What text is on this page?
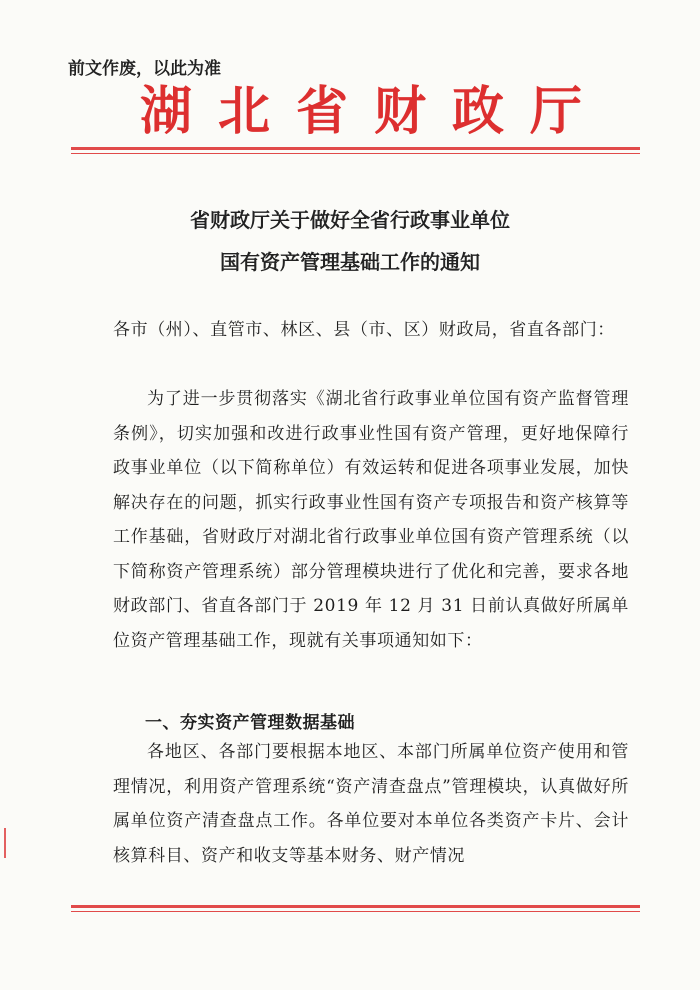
前文作废，以此为准
湖北省财政厅
省财政厅关于做好全省行政事业单位
国有资产管理基础工作的通知
各市（州）、直管市、林区、县（市、区）财政局，省直各部门：
为了进一步贯彻落实《湖北省行政事业单位国有资产监督管理条例》，切实加强和改进行政事业性国有资产管理，更好地保障行政事业单位（以下简称单位）有效运转和促进各项事业发展，加快解决存在的问题，抓实行政事业性国有资产专项报告和资产核算等工作基础，省财政厅对湖北省行政事业单位国有资产管理系统（以下简称资产管理系统）部分管理模块进行了优化和完善，要求各地财政部门、省直各部门于 2019 年 12 月 31 日前认真做好所属单位资产管理基础工作，现就有关事项通知如下：
一、夯实资产管理数据基础
各地区、各部门要根据本地区、本部门所属单位资产使用和管理情况，利用资产管理系统“资产清查盘点”管理模块，认真做好所属单位资产清查盘点工作。各单位要对本单位各类资产卡片、会计核算科目、资产和收支等基本财务、财产情况
